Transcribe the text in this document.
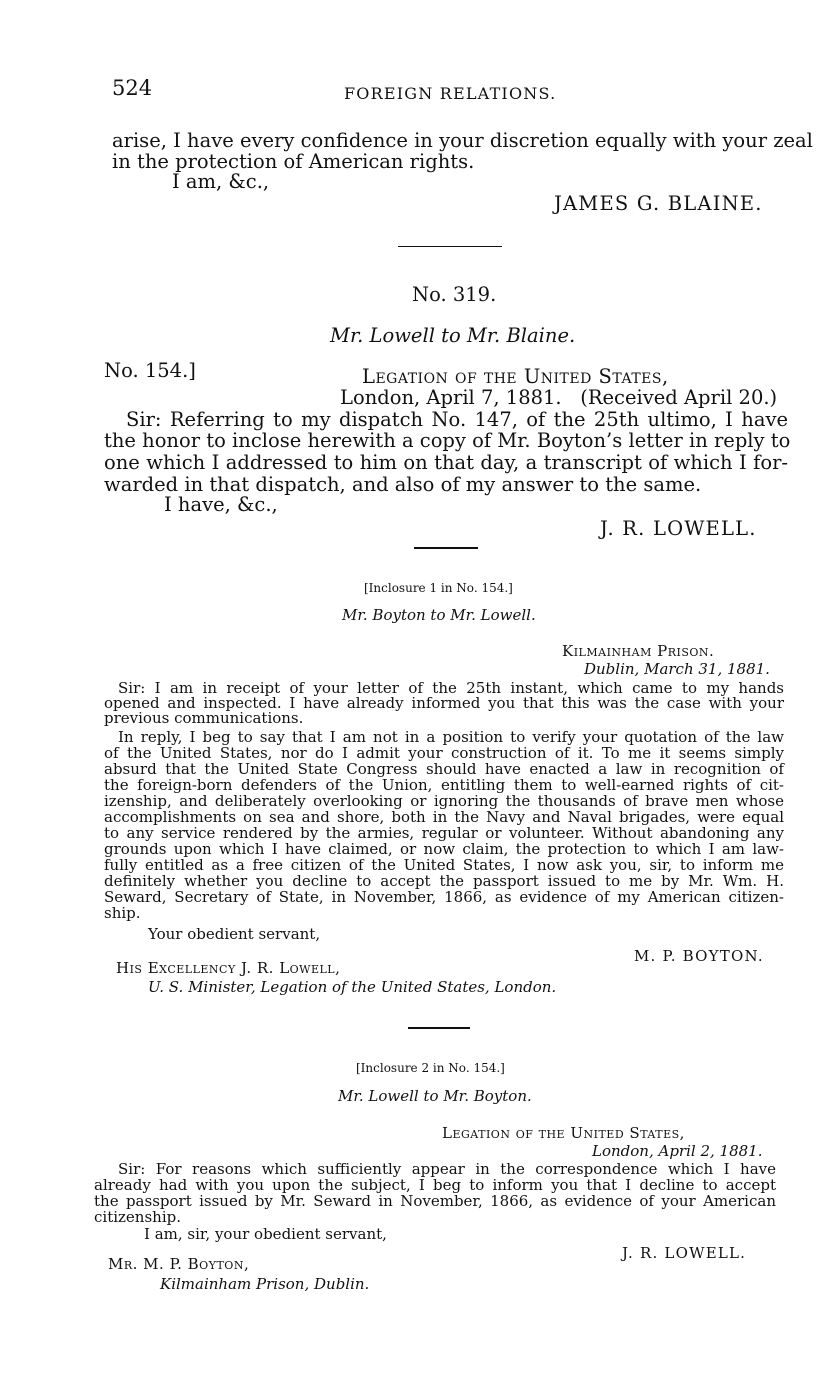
524	FOREIGN RELATIONS.
arise, I have every confidence in your discretion equally with your zeal
in the protection of American rights.
I am, &c.,
JAMES G. BLAINE.
No. 319.
Mr. Lowell to Mr. Blaine.
No. 154.]	Legation of the United States,
London, April 7, 1881.   (Received April 20.)
Sir: Referring to my dispatch No. 147, of the 25th ultimo, I have
the honor to inclose herewith a copy of Mr. Boyton’s letter in reply to
one which I addressed to him on that day, a transcript of which I for-
warded in that dispatch, and also of my answer to the same.
I have, &c.,
J. R. LOWELL.
[Inclosure 1 in No. 154.]
Mr. Boyton to Mr. Lowell.
Kilmainham Prison.
Dublin, March 31, 1881.
Sir: I am in receipt of your letter of the 25th instant, which came to my hands
opened and inspected. I have already informed you that this was the case with your
previous communications.
In reply, I beg to say that I am not in a position to verify your quotation of the law
of the United States, nor do I admit your construction of it. To me it seems simply
absurd that the United State Congress should have enacted a law in recognition of
the foreign-born defenders of the Union, entitling them to well-earned rights of cit-
izenship, and deliberately overlooking or ignoring the thousands of brave men whose
accomplishments on sea and shore, both in the Navy and Naval brigades, were equal
to any service rendered by the armies, regular or volunteer. Without abandoning any
grounds upon which I have claimed, or now claim, the protection to which I am law-
fully entitled as a free citizen of the United States, I now ask you, sir, to inform me
definitely whether you decline to accept the passport issued to me by Mr. Wm. H.
Seward, Secretary of State, in November, 1866, as evidence of my American citizen-
ship.
Your obedient servant,
M. P. BOYTON.
His Excellency J. R. Lowell,
U. S. Minister, Legation of the United States, London.
[Inclosure 2 in No. 154.]
Mr. Lowell to Mr. Boyton.
Legation of the United States,
London, April 2, 1881.
Sir: For reasons which sufficiently appear in the correspondence which I have
already had with you upon the subject, I beg to inform you that I decline to accept
the passport issued by Mr. Seward in November, 1866, as evidence of your American
citizenship.
I am, sir, your obedient servant,
J. R. LOWELL.
Mr. M. P. Boyton,
Kilmainham Prison, Dublin.
